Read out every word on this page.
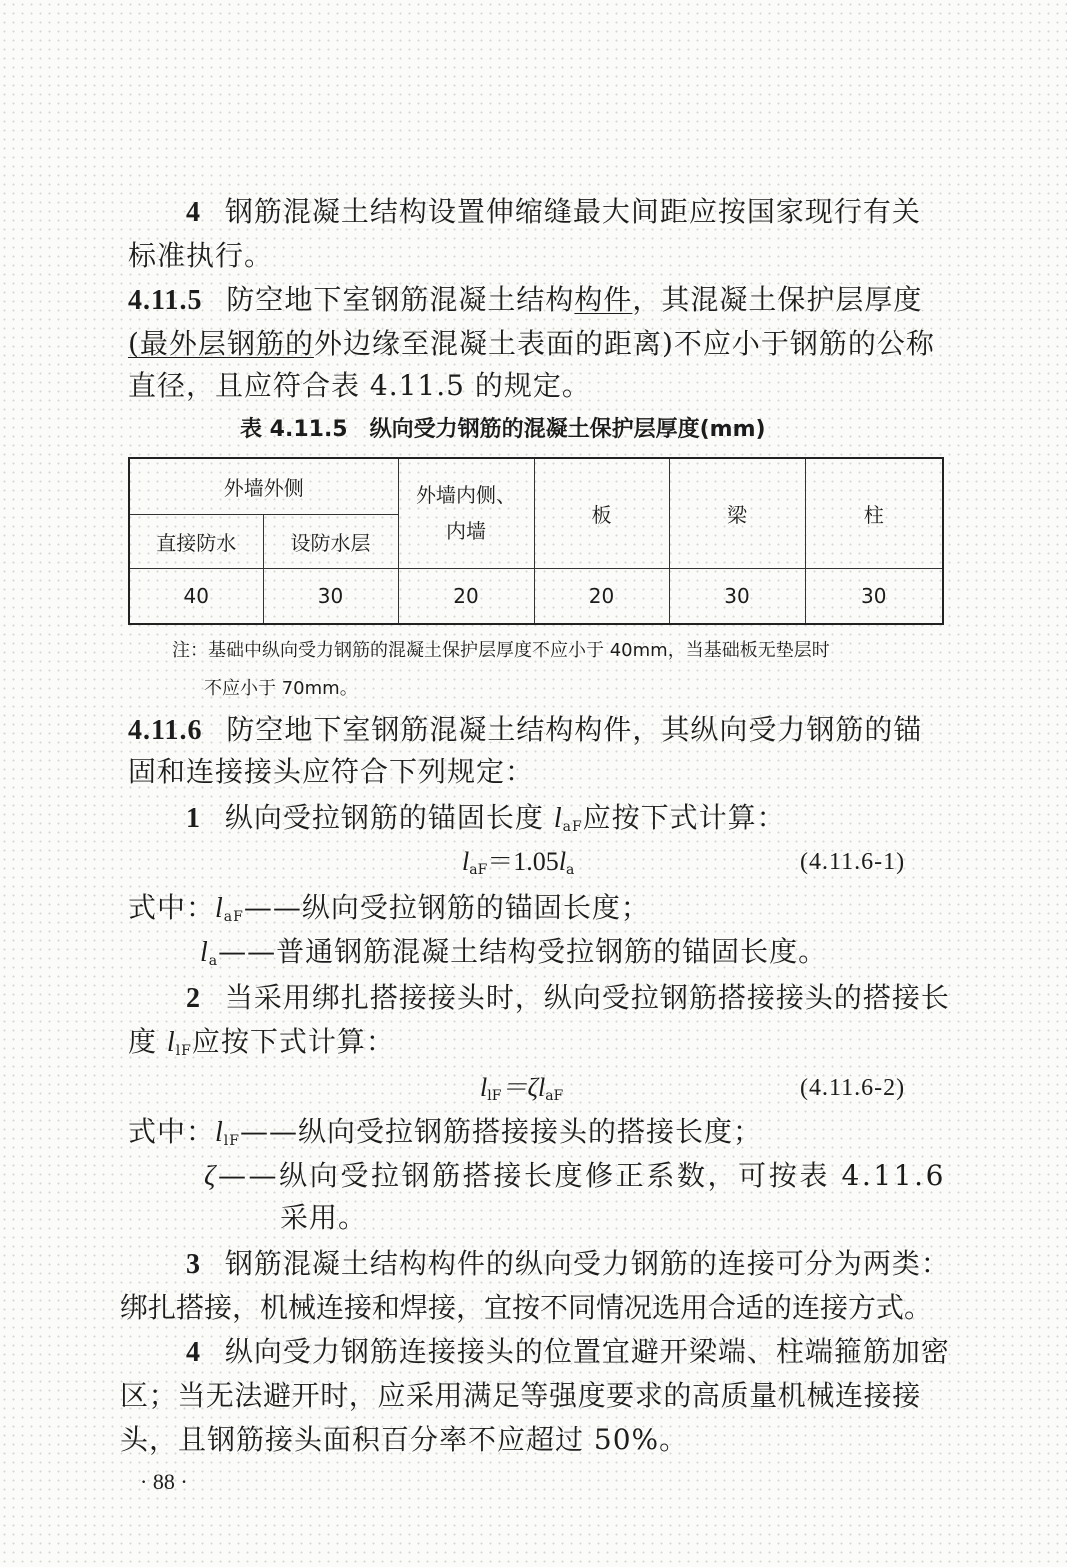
4 钢筋混凝土结构设置伸缩缝最大间距应按国家现行有关
标准执行。
4.11.5 防空地下室钢筋混凝土结构构件，其混凝土保护层厚度
(最外层钢筋的外边缘至混凝土表面的距离)不应小于钢筋的公称
直径，且应符合表 4.11.5 的规定。
表 4.11.5　纵向受力钢筋的混凝土保护层厚度(mm)
外墙外侧		外墙内侧、
内墙	板	梁	柱
直接防水	设防水层				
40	30	20	20	30	30
注：基础中纵向受力钢筋的混凝土保护层厚度不应小于 40mm，当基础板无垫层时
不应小于 70mm。
4.11.6 防空地下室钢筋混凝土结构构件，其纵向受力钢筋的锚
固和连接接头应符合下列规定：
1 纵向受拉钢筋的锚固长度 $l_{aF}$应按下式计算：
$l_{aF}=1.05l_a$	(4.11.6-1)
式中：$l_{aF}——$纵向受拉钢筋的锚固长度；
$l_a——$普通钢筋混凝土结构受拉钢筋的锚固长度。
2 当采用绑扎搭接接头时，纵向受拉钢筋搭接接头的搭接长
度 $l_{lF}$应按下式计算：
$l_{lF}=\zeta l_{aF}$	(4.11.6-2)
式中：$l_{lF}——$纵向受拉钢筋搭接接头的搭接长度；
ζ——纵向受拉钢筋搭接长度修正系数，可按表 4.11.6
采用。
3 钢筋混凝土结构构件的纵向受力钢筋的连接可分为两类：
绑扎搭接，机械连接和焊接，宜按不同情况选用合适的连接方式。
4 纵向受力钢筋连接接头的位置宜避开梁端、柱端箍筋加密
区；当无法避开时，应采用满足等强度要求的高质量机械连接接
头，且钢筋接头面积百分率不应超过 50%。
· 88 ·
